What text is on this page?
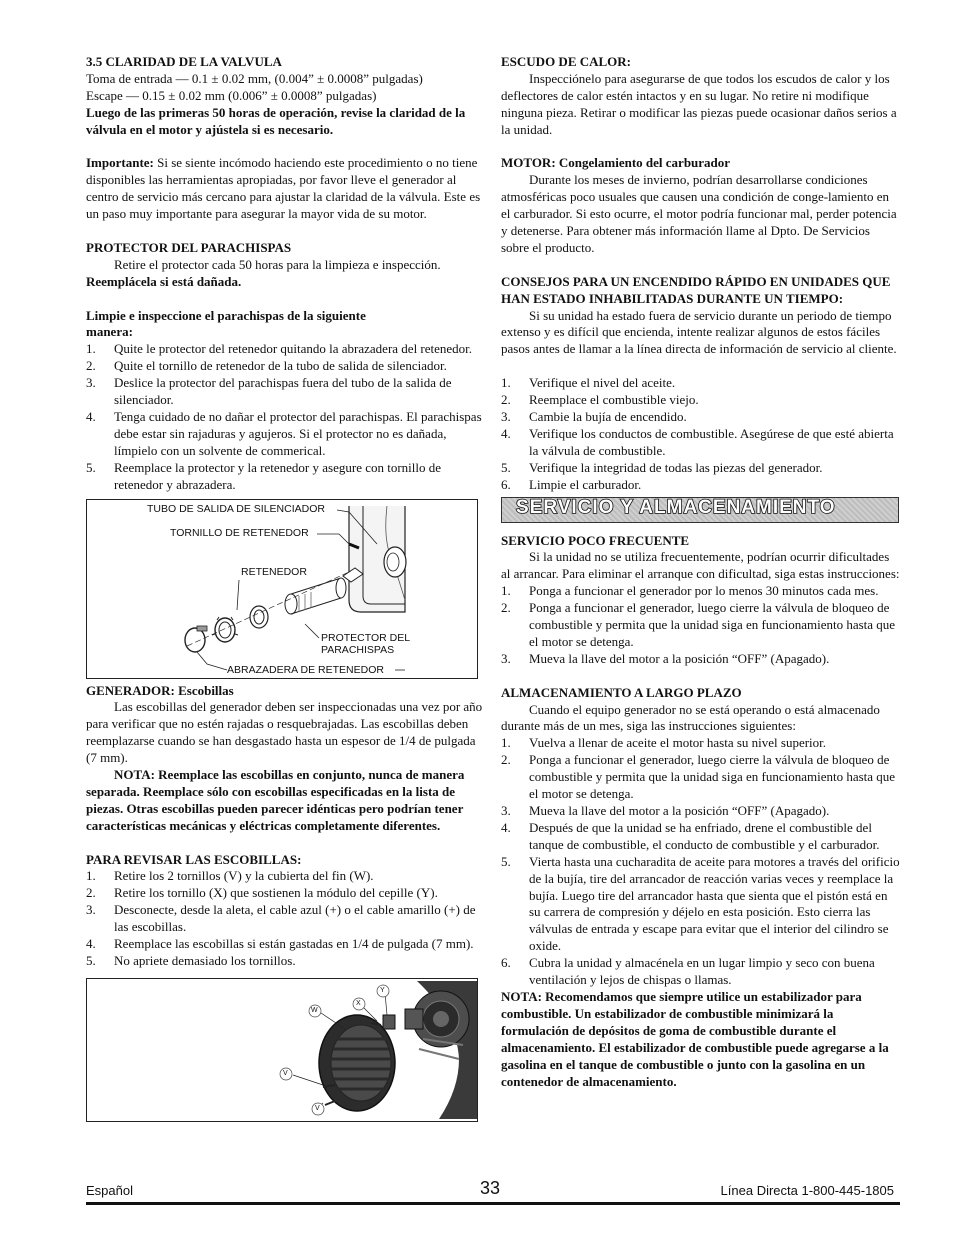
3.5 CLARIDAD DE LA VALVULA

Toma de entrada — 0.1 ± 0.02 mm, (0.004” ± 0.0008” pulgadas)

Escape — 0.15 ± 0.02 mm (0.006” ± 0.0008” pulgadas)

Luego de las primeras 50 horas de operación, revise la claridad de la válvula en el motor y ajústela si es necesario.

Importante: Si se siente incómodo haciendo este procedimiento o no tiene disponibles las herramientas apropiadas, por favor lleve el generador al centro de servicio más cercano para ajustar la claridad de la válvula. Este es un paso muy importante para asegurar la mayor vida de su motor.

PROTECTOR DEL PARACHISPAS

Retire el protector cada 50 horas para la limpieza e inspección.

Reemplácela si está dañada.

Limpie e inspeccione el parachispas de la siguiente

manera:

1. Quite le protector del retenedor quitando la abrazadera del retenedor.
2. Quite el tornillo de retenedor de la tubo de salida de silenciador.
3. Deslice la protector del parachispas fuera del tubo de la salida de silenciador.
4. Tenga cuidado de no dañar el protector del parachispas. El parachispas debe estar sin rajaduras y agujeros. Si el protector no es dañada, límpielo con un solvente de commerical.
5. Reemplace la protector y la retenedor y asegure con tornillo de retenedor y abrazadera.
TUBO DE SALIDA DE SILENCIADOR
TORNILLO DE RETENEDOR
RETENEDOR
PROTECTOR DEL PARACHISPAS
ABRAZADERA DE RETENEDOR

GENERADOR: Escobillas

Las escobillas del generador deben ser inspeccionadas una vez por año para verificar que no estén rajadas o resquebrajadas. Las escobillas deben reemplazarse cuando se han desgastado hasta un espesor de 1/4 de pulgada (7 mm).

NOTA: Reemplace las escobillas en conjunto, nunca de manera separada. Reemplace sólo con escobillas especificadas en la lista de piezas. Otras escobillas pueden parecer idénticas pero podrían tener características mecánicas y eléctricas completamente diferentes.

PARA REVISAR LAS ESCOBILLAS:

1. Retire los 2 tornillos (V) y la cubierta del fin (W).
2. Retire los tornillo (X) que sostienen la módulo del cepille (Y).
3. Desconecte, desde la aleta, el cable azul (+) o el cable amarillo (+) de las escobillas.
4. Reemplace las escobillas si están gastadas en 1/4 de pulgada (7 mm).
5. No apriete demasiado los tornillos.
W
X
Y
V
V

ESCUDO DE CALOR:

Inspecciónelo para asegurarse de que todos los escudos de calor y los deflectores de calor estén intactos y en su lugar. No retire ni modifique ninguna pieza. Retirar o modificar las piezas puede ocasionar daños serios a la unidad.

MOTOR: Congelamiento del carburador

Durante los meses de invierno, podrían desarrollarse condiciones atmosféricas poco usuales que causen una condición de conge-lamiento en el carburador. Si esto ocurre, el motor podría funcionar mal, perder potencia y detenerse. Para obtener más información llame al Dpto. De Servicios sobre el producto.

CONSEJOS PARA UN ENCENDIDO RÁPIDO EN UNIDADES QUE HAN ESTADO INHABILITADAS DURANTE UN TIEMPO:

Si su unidad ha estado fuera de servicio durante un periodo de tiempo extenso y es difícil que encienda, intente realizar algunos de estos fáciles pasos antes de llamar a la línea directa de información de servicio al cliente.

1. Verifique el nivel del aceite.
2. Reemplace el combustible viejo.
3. Cambie la bujía de encendido.
4. Verifique los conductos de combustible. Asegúrese de que esté abierta la válvula de combustible.
5. Verifique la integridad de todas las piezas del generador.
6. Limpie el carburador.
SERVICIO Y ALMACENAMIENTO

SERVICIO POCO FRECUENTE

Si la unidad no se utiliza frecuentemente, podrían ocurrir dificultades al arrancar. Para eliminar el arranque con dificultad, siga estas instrucciones:

1. Ponga a funcionar el generador por lo menos 30 minutos cada mes.
2. Ponga a funcionar el generador, luego cierre la válvula de bloqueo de combustible y permita que la unidad siga en funcionamiento hasta que el motor se detenga.
3. Mueva la llave del motor a la posición “OFF” (Apagado).

ALMACENAMIENTO A LARGO PLAZO

Cuando el equipo generador no se está operando o está almacenado durante más de un mes, siga las instrucciones siguientes:

1. Vuelva a llenar de aceite el motor hasta su nivel superior.
2. Ponga a funcionar el generador, luego cierre la válvula de bloqueo de combustible y permita que la unidad siga en funcionamiento hasta que el motor se detenga.
3. Mueva la llave del motor a la posición “OFF” (Apagado).
4. Después de que la unidad se ha enfriado, drene el combustible del tanque de combustible, el conducto de combustible y el carburador.
5. Vierta hasta una cucharadita de aceite para motores a través del orificio de la bujía, tire del arrancador de reacción varias veces y reemplace la bujía. Luego tire del arrancador hasta que sienta que el pistón está en su carrera de compresión y déjelo en esta posición. Esto cierra las válvulas de entrada y escape para evitar que el interior del cilindro se oxide.
6. Cubra la unidad y almacénela en un lugar limpio y seco con buena ventilación y lejos de chispas o llamas.

NOTA: Recomendamos que siempre utilice un estabilizador para combustible. Un estabilizador de combustible minimizará la formulación de depósitos de goma de combustible durante el almacenamiento. El estabilizador de combustible puede agregarse a la gasolina en el tanque de combustible o junto con la gasolina en un contenedor de almacenamiento.

Español	33	Línea Directa 1-800-445-1805
